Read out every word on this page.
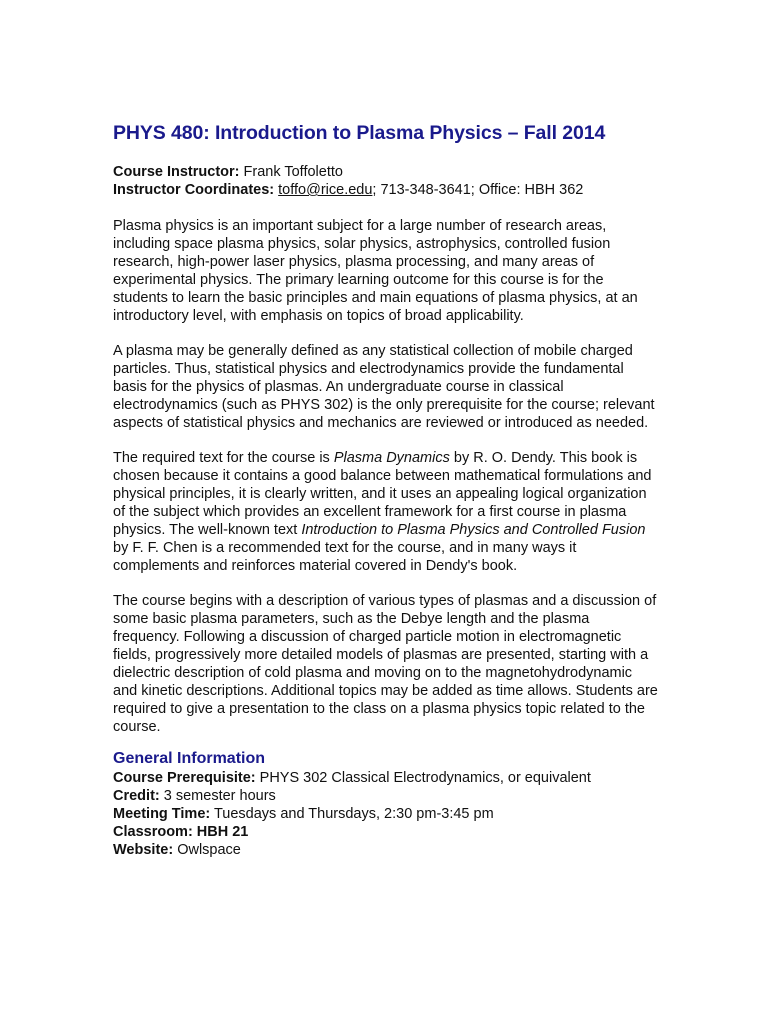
PHYS 480: Introduction to Plasma Physics – Fall 2014
Course Instructor: Frank Toffoletto
Instructor Coordinates: toffo@rice.edu; 713-348-3641; Office: HBH 362

Plasma physics is an important subject for a large number of research areas, including space plasma physics, solar physics, astrophysics, controlled fusion research, high-power laser physics, plasma processing, and many areas of experimental physics. The primary learning outcome for this course is for the students to learn the basic principles and main equations of plasma physics, at an introductory level, with emphasis on topics of broad applicability.

A plasma may be generally defined as any statistical collection of mobile charged particles. Thus, statistical physics and electrodynamics provide the fundamental basis for the physics of plasmas. An undergraduate course in classical electrodynamics (such as PHYS 302) is the only prerequisite for the course; relevant aspects of statistical physics and mechanics are reviewed or introduced as needed.

The required text for the course is Plasma Dynamics by R. O. Dendy. This book is chosen because it contains a good balance between mathematical formulations and physical principles, it is clearly written, and it uses an appealing logical organization of the subject which provides an excellent framework for a first course in plasma physics. The well-known text Introduction to Plasma Physics and Controlled Fusion by F. F. Chen is a recommended text for the course, and in many ways it complements and reinforces material covered in Dendy's book.

The course begins with a description of various types of plasmas and a discussion of some basic plasma parameters, such as the Debye length and the plasma frequency. Following a discussion of charged particle motion in electromagnetic fields, progressively more detailed models of plasmas are presented, starting with a dielectric description of cold plasma and moving on to the magnetohydrodynamic and kinetic descriptions. Additional topics may be added as time allows. Students are required to give a presentation to the class on a plasma physics topic related to the course.

General Information
Course Prerequisite: PHYS 302 Classical Electrodynamics, or equivalent
Credit: 3 semester hours
Meeting Time: Tuesdays and Thursdays, 2:30 pm-3:45 pm
Classroom: HBH 21
Website: Owlspace
